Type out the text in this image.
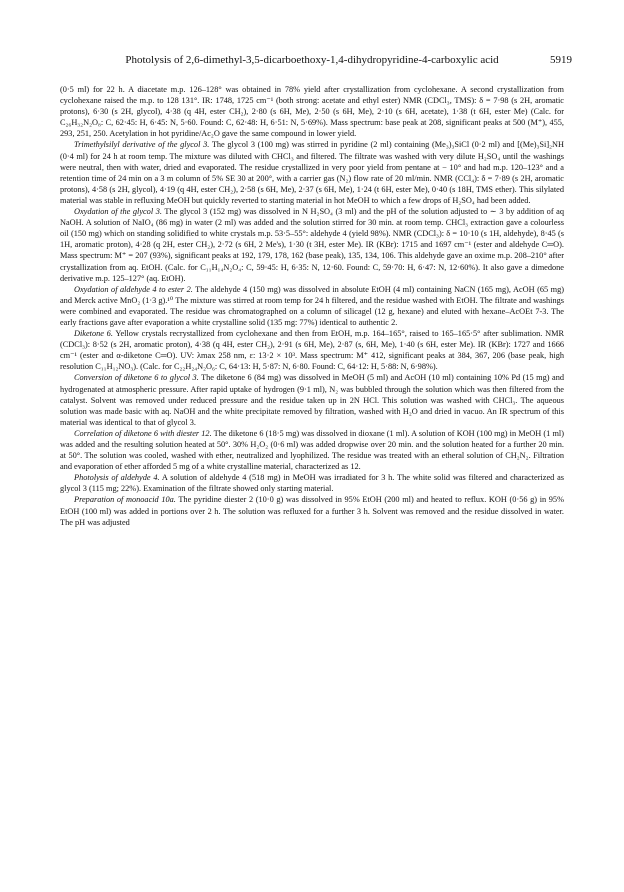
Photolysis of 2,6-dimethyl-3,5-dicarboethoxy-1,4-dihydropyridine-4-carboxylic acid	5919

(0·5 ml) for 22 h. A diacetate m.p. 126–128° was obtained in 78% yield after crystallization from cyclohexane. A second crystallization from cyclohexane raised the m.p. to 128 131°. IR: 1748, 1725 cm⁻¹ (both strong: acetate and ethyl ester) NMR (CDCl₃, TMS): δ = 7·98 (s 2H, aromatic protons), 6·30 (s 2H, glycol), 4·38 (q 4H, ester CH₂), 2·80 (s 6H, Me), 2·50 (s 6H, Me), 2·10 (s 6H, acetate), 1·38 (t 6H, ester Me) (Calc. for C₂₆H₃₂N₂O₈: C, 62·45: H, 6·45: N, 5·60. Found: C, 62·48: H, 6·51: N, 5·69%). Mass spectrum: base peak at 208, significant peaks at 500 (M⁺), 455, 293, 251, 250. Acetylation in hot pyridine/Ac₂O gave the same compound in lower yield.

Trimethylsilyl derivative of the glycol 3. The glycol 3 (100 mg) was stirred in pyridine (2 ml) containing (Me₃)₃SiCl (0·2 ml) and [(Me)₃Si]₂NH (0·4 ml) for 24 h at room temp. The mixture was diluted with CHCl₃ and filtered. The filtrate was washed with very dilute H₂SO₄ until the washings were neutral, then with water, dried and evaporated. The residue crystallized in very poor yield from pentane at − 10° and had m.p. 120–123° and a retention time of 24 min on a 3 m column of 5% SE 30 at 200°, with a carrier gas (N₂) flow rate of 20 ml/min. NMR (CCl₄): δ = 7·89 (s 2H, aromatic protons), 4·58 (s 2H, glycol), 4·19 (q 4H, ester CH₂), 2·58 (s 6H, Me), 2·37 (s 6H, Me), 1·24 (t 6H, ester Me), 0·40 (s 18H, TMS ether). This silylated material was stable in refluxing MeOH but quickly reverted to starting material in hot MeOH to which a few drops of H₂SO₄ had been added.

Oxydation of the glycol 3. The glycol 3 (152 mg) was dissolved in N H₂SO₄ (3 ml) and the pH of the solution adjusted to ∼ 3 by addition of aq NaOH. A solution of NaIO₄ (86 mg) in water (2 ml) was added and the solution stirred for 30 min. at room temp. CHCl₃ extraction gave a colourless oil (150 mg) which on standing solidified to white crystals m.p. 53·5–55°: aldehyde 4 (yield 98%). NMR (CDCl₃): δ = 10·10 (s 1H, aldehyde), 8·45 (s 1H, aromatic proton), 4·28 (q 2H, ester CH₂), 2·72 (s 6H, 2 Me's), 1·30 (t 3H, ester Me). IR (KBr): 1715 and 1697 cm⁻¹ (ester and aldehyde C═O). Mass spectrum: M⁺ = 207 (93%), significant peaks at 192, 179, 178, 162 (base peak), 135, 134, 106. This aldehyde gave an oxime m.p. 208–210° after crystallization from aq. EtOH. (Calc. for C₁₁H₁₄N₂O₄: C, 59·45: H, 6·35: N, 12·60. Found: C, 59·70: H, 6·47: N, 12·60%). It also gave a dimedone derivative m.p. 125–127° (aq. EtOH).

Oxydation of aldehyde 4 to ester 2. The aldehyde 4 (150 mg) was dissolved in absolute EtOH (4 ml) containing NaCN (165 mg), AcOH (65 mg) and Merck active MnO₂ (1·3 g).¹⁰ The mixture was stirred at room temp for 24 h filtered, and the residue washed with EtOH. The filtrate and washings were combined and evaporated. The residue was chromatographed on a column of silicagel (12 g, hexane) and eluted with hexane–AcOEt 7-3. The early fractions gave after evaporation a white crystalline solid (135 mg: 77%) identical to authentic 2.

Diketone 6. Yellow crystals recrystallized from cyclohexane and then from EtOH, m.p. 164–165°, raised to 165–165·5° after sublimation. NMR (CDCl₃): 8·52 (s 2H, aromatic proton), 4·38 (q 4H, ester CH₂), 2·91 (s 6H, Me), 2·87 (s, 6H, Me), 1·40 (s 6H, ester Me). IR (KBr): 1727 and 1666 cm⁻¹ (ester and α-diketone C═O). UV: λmax 258 nm, ε: 13·2 × 10³. Mass spectrum: M⁺ 412, significant peaks at 384, 367, 206 (base peak, high resolution C₁₁H₁₂NO₃). (Calc. for C₂₂H₂₄N₂O₆: C, 64·13: H, 5·87: N, 6·80. Found: C, 64·12: H, 5·88: N, 6·98%).

Conversion of diketone 6 to glycol 3. The diketone 6 (84 mg) was dissolved in MeOH (5 ml) and AcOH (10 ml) containing 10% Pd (15 mg) and hydrogenated at atmospheric pressure. After rapid uptake of hydrogen (9·1 ml), N₂ was bubbled through the solution which was then filtered from the catalyst. Solvent was removed under reduced pressure and the residue taken up in 2N HCl. This solution was washed with CHCl₃. The aqueous solution was made basic with aq. NaOH and the white precipitate removed by filtration, washed with H₂O and dried in vacuo. An IR spectrum of this material was identical to that of glycol 3.

Correlation of diketone 6 with diester 12. The diketone 6 (18·5 mg) was dissolved in dioxane (1 ml). A solution of KOH (100 mg) in MeOH (1 ml) was added and the resulting solution heated at 50°. 30% H₂O₂ (0·6 ml) was added dropwise over 20 min. and the solution heated for a further 20 min. at 50°. The solution was cooled, washed with ether, neutralized and lyophilized. The residue was treated with an etheral solution of CH₂N₂. Filtration and evaporation of ether afforded 5 mg of a white crystalline material, characterized as 12.

Photolysis of aldehyde 4. A solution of aldehyde 4 (518 mg) in MeOH was irradiated for 3 h. The white solid was filtered and characterized as glycol 3 (115 mg; 22%). Examination of the filtrate showed only starting material.

Preparation of monoacid 10a. The pyridine diester 2 (10·0 g) was dissolved in 95% EtOH (200 ml) and heated to reflux. KOH (0·56 g) in 95% EtOH (100 ml) was added in portions over 2 h. The solution was refluxed for a further 3 h. Solvent was removed and the residue dissolved in water. The pH was adjusted
